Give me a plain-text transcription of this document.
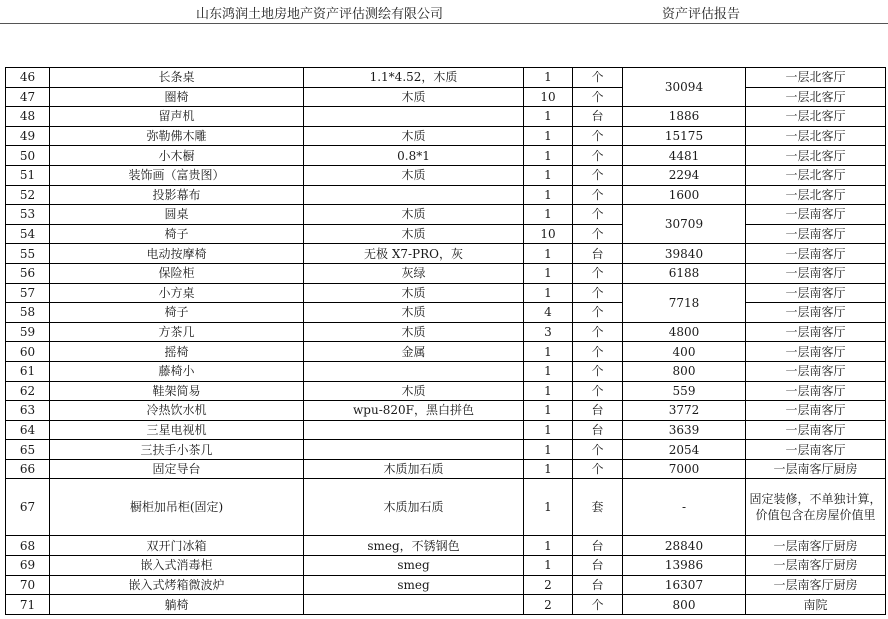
山东鸿润土地房地产资产评估测绘有限公司	资产评估报告
46	长条桌	1.1*4.52，木质	1	个	30094	一层北客厅
47	圈椅	木质	10	个		一层北客厅
48	留声机		1	台	1886	一层北客厅
49	弥勒佛木雕	木质	1	个	15175	一层北客厅
50	小木橱	0.8*1	1	个	4481	一层北客厅
51	装饰画（富贵图）	木质	1	个	2294	一层北客厅
52	投影幕布		1	个	1600	一层北客厅
53	圆桌	木质	1	个	30709	一层南客厅
54	椅子	木质	10	个		一层南客厅
55	电动按摩椅	无极 X7-PRO，灰	1	台	39840	一层南客厅
56	保险柜	灰绿	1	个	6188	一层南客厅
57	小方桌	木质	1	个	7718	一层南客厅
58	椅子	木质	4	个		一层南客厅
59	方茶几	木质	3	个	4800	一层南客厅
60	摇椅	金属	1	个	400	一层南客厅
61	藤椅小		1	个	800	一层南客厅
62	鞋架简易	木质	1	个	559	一层南客厅
63	冷热饮水机	wpu-820F，黑白拼色	1	台	3772	一层南客厅
64	三星电视机		1	台	3639	一层南客厅
65	三扶手小茶几		1	个	2054	一层南客厅
66	固定导台	木质加石质	1	个	7000	一层南客厅厨房
67	橱柜加吊柜(固定)	木质加石质	1	套	-	固定装修，不单独计算，价值包含在房屋价值里
68	双开门冰箱	smeg，不锈钢色	1	台	28840	一层南客厅厨房
69	嵌入式消毒柜	smeg	1	台	13986	一层南客厅厨房
70	嵌入式烤箱微波炉	smeg	2	台	16307	一层南客厅厨房
71	躺椅		2	个	800	南院
